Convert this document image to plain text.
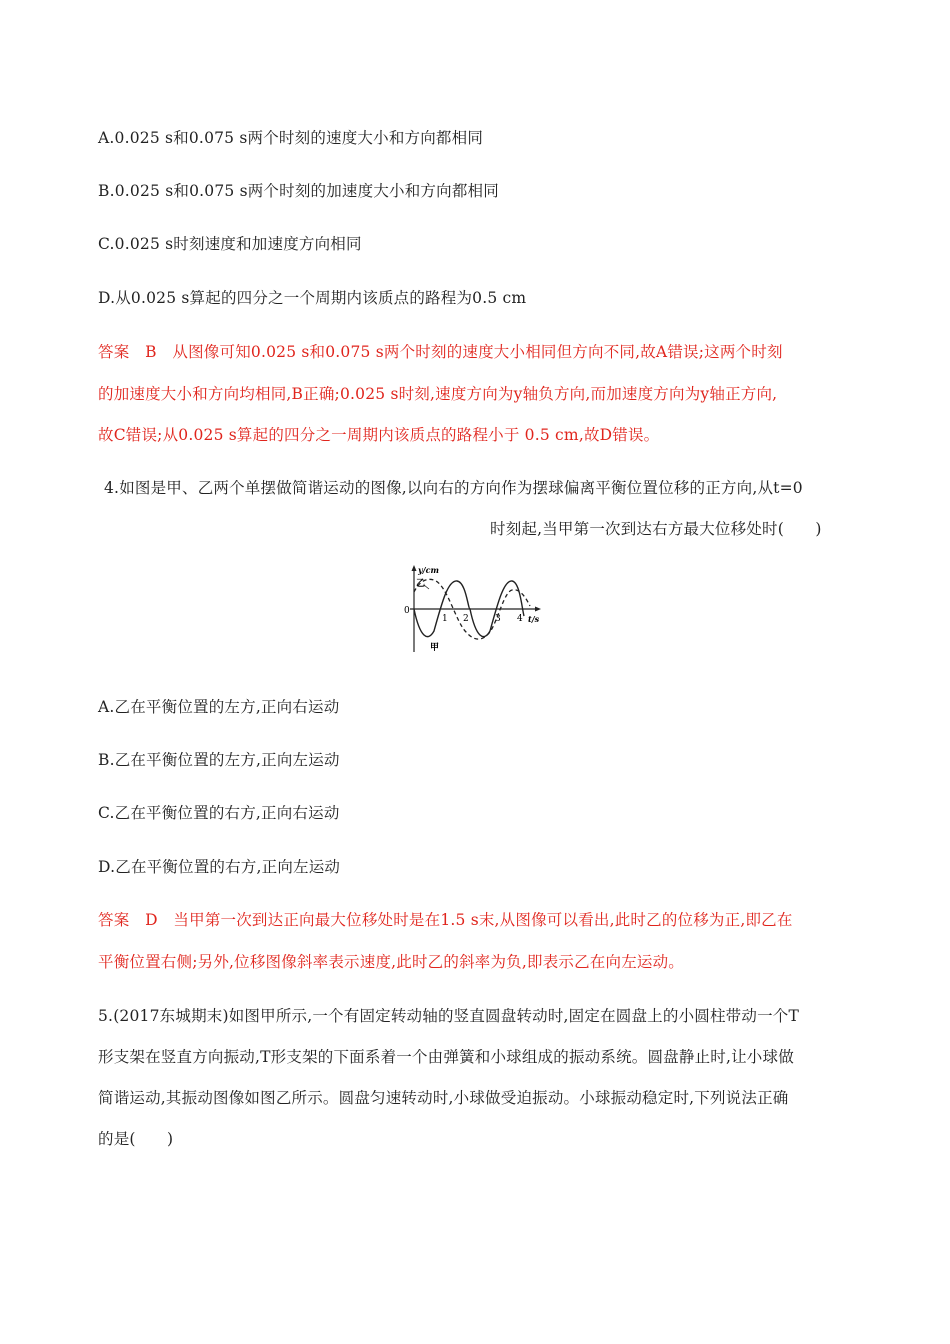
A.0.025 s和0.075 s两个时刻的速度大小和方向都相同
B.0.025 s和0.075 s两个时刻的加速度大小和方向都相同
C.0.025 s时刻速度和加速度方向相同
D.从0.025 s算起的四分之一个周期内该质点的路程为0.5 cm
答案　B　从图像可知0.025 s和0.075 s两个时刻的速度大小相同但方向不同,故A错误;这两个时刻
的加速度大小和方向均相同,B正确;0.025 s时刻,速度方向为y轴负方向,而加速度方向为y轴正方向,
故C错误;从0.025 s算起的四分之一周期内该质点的路程小于 0.5 cm,故D错误。
4.如图是甲、乙两个单摆做简谐运动的图像,以向右的方向作为摆球偏离平衡位置位移的正方向,从t=0
时刻起,当甲第一次到达右方最大位移处时(　　)
y/cm
t/s
0
1 2	3 4
乙
甲
A.乙在平衡位置的左方,正向右运动
B.乙在平衡位置的左方,正向左运动
C.乙在平衡位置的右方,正向右运动
D.乙在平衡位置的右方,正向左运动
答案　D　当甲第一次到达正向最大位移处时是在1.5 s末,从图像可以看出,此时乙的位移为正,即乙在
平衡位置右侧;另外,位移图像斜率表示速度,此时乙的斜率为负,即表示乙在向左运动。
5.(2017东城期末)如图甲所示,一个有固定转动轴的竖直圆盘转动时,固定在圆盘上的小圆柱带动一个T
形支架在竖直方向振动,T形支架的下面系着一个由弹簧和小球组成的振动系统。圆盘静止时,让小球做
简谐运动,其振动图像如图乙所示。圆盘匀速转动时,小球做受迫振动。小球振动稳定时,下列说法正确
的是(　　)
